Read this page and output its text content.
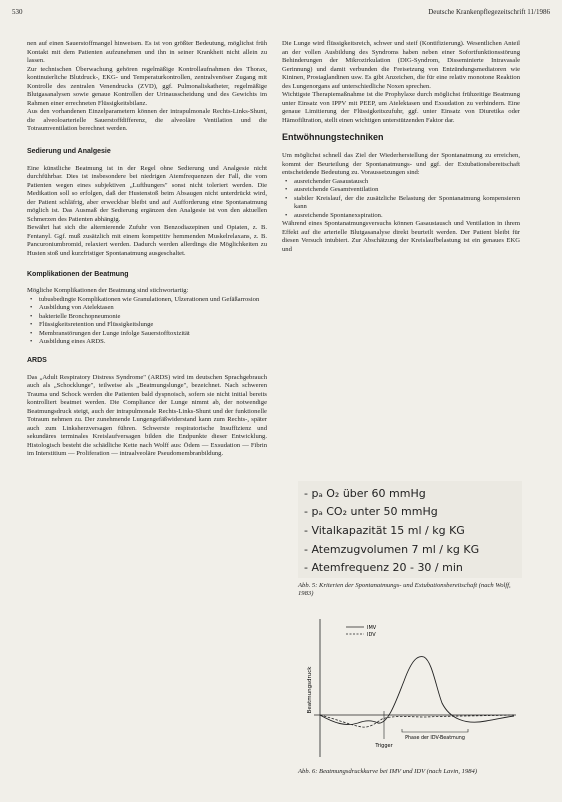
530	Deutsche Krankenpflegezeitschrift 11/1986

nen auf einen Sauerstoffmangel hinweisen. Es ist von größter Bedeutung, möglichst früh Kontakt mit dem Patienten aufzunehmen und ihn in seiner Krankheit nicht allein zu lassen.

Zur technischen Überwachung gehören regelmäßige Kontrollaufnahmen des Thorax, kontinuierliche Blutdruck-, EKG- und Temperaturkontrollen, zentralvenöser Zugang mit Kontrolle des zentralen Venendrucks (ZVD), ggf. Pulmonaliskatheter, regelmäßige Blutgasanalysen sowie genaue Kontrollen der Urinausscheidung und des Gewichts im Rahmen einer errechneten Flüssigkeitsbilanz.

Aus den vorhandenen Einzelparametern können der intrapulmonale Rechts-Links-Shunt, die alveoloarterielle Sauerstoffdifferenz, die alveoläre Ventilation und die Totraumventilation berechnet werden.

Sedierung und Analgesie

Eine künstliche Beatmung ist in der Regel ohne Sedierung und Analgesie nicht durchführbar. Dies ist insbesondere bei niedrigen Atemfrequenzen der Fall, die vom Patienten wegen eines subjektiven „Lufthungers" sonst nicht toleriert werden. Die Medikation soll so erfolgen, daß der Hustenstoß beim Absaugen nicht unterdrückt wird, der Patient schläfrig, aber erweckbar bleibt und auf Aufforderung eine Spontanatmung möglich ist. Das Ausmaß der Sedierung ergänzen den Analgesie ist von den aktuellen Schmerzen des Patienten abhängig.

Bewährt hat sich die alternierende Zufuhr von Benzodiazepinen und Opiaten, z. B. Fentanyl. Ggf. muß zusätzlich mit einem kompetitiv hemmenden Muskelrelaxans, z. B. Pancuroniumbromid, relaxiert werden. Dadurch werden allerdings die Möglichkeiten zu Husten stoß und kurzfristiger Spontanatmung ausgeschaltet.

Komplikationen der Beatmung

Mögliche Komplikationen der Beatmung sind stichwortartig:

• tubusbedingte Komplikationen wie Granulationen, Ulzerationen und Gefäßarrosion
• Ausbildung von Atelektasen
• bakterielle Bronchopneumonie
• Flüssigkeitsretention und Flüssigkeitslunge
• Membranstörungen der Lunge infolge Sauerstofftoxizität
• Ausbildung eines ARDS.
ARDS

Das „Adult Respiratory Distress Syndrome" (ARDS) wird im deutschen Sprachgebrauch auch als „Schocklunge", teilweise als „Beatmungslunge", bezeichnet. Nach schweren Trauma und Schock werden die Patienten bald dyspnoisch, sofern sie nicht initial bereits kontrolliert beatmet werden. Die Compliance der Lunge nimmt ab, der notwendige Beatmungsdruck steigt, auch der intrapulmonale Rechts-Links-Shunt und der funktionelle Totraum nehmen zu. Der zunehmende Lungengefäßwiderstand kann zum Rechts-, später auch zum Linksherzversagen führen. Schwerste respiratorische Insuffizienz und sekundäres terminales Kreislaufversagen bilden die Endpunkte dieser Entwicklung. Histologisch besteht die schädliche Kette nach Wolff aus: Ödem — Exsudation — Fibrin im Interstitium — Proliferation — intraalveoläre Pseudomembranbildung.

Die Lunge wird flüssigkeitsreich, schwer und steif (Kontifizierung). Wesentlichen Anteil an der vollen Ausbildung des Syndroms haben neben einer Sofortfunktionsstörung Behinderungen der Mikrozirkulation (DIG-Syndrom, Disseminierte Intravasale Gerinnung) und damit verbunden die Freisetzung von Entzündungsmediatoren wie Kininen, Prostaglandinen usw. Es gibt Anzeichen, die für eine relativ monotone Reaktion des Lungenorgans auf unterschiedliche Noxen sprechen.

Wichtigste Therapiemaßnahme ist die Prophylaxe durch möglichst frühzeitige Beatmung unter Einsatz von IPPV mit PEEP, um Atelektasen und Exsudation zu verhindern. Eine genaue Limitierung der Flüssigkeitszufuhr, ggf. unter Einsatz von Diuretika oder Hämofiltration, stellt einen wichtigen unterstützenden Faktor dar.

Entwöhnungstechniken

Um möglichst schnell das Ziel der Wiederherstellung der Spontanatmung zu erreichen, kommt der Beurteilung der Spontanatmungs- und ggf. der Extubationsbereitschaft entscheidende Bedeutung zu. Voraussetzungen sind:

• ausreichender Gasaustausch
• ausreichende Gesamtventilation
• stabiler Kreislauf, der die zusätzliche Belastung der Spontanatmung kompensieren kann
• ausreichende Spontanexspiration.

Während eines Spontanatmungsversuchs können Gasaustausch und Ventilation in ihrem Effekt auf die arterielle Blutgasanalyse direkt beurteilt werden. Der Patient bleibt für diesen Versuch intubiert. Zur Abschätzung der Kreislaufbelastung ist ein genaues EKG und

- pₐ O₂ über 60 mmHg
- pₐ CO₂ unter 50 mmHg
- Vitalkapazität 15 ml / kg KG
- Atemzugvolumen 7 ml / kg KG
- Atemfrequenz 20 - 30 / min
Abb. 5: Kriterien der Spontanatmungs- und Extubationsbereitschaft (nach Wolff, 1983)
Beatmungsdruck
IMV
IDV
Trigger
Phase der IDV-Beatmung
Abb. 6: Beatmungsdruckkurve bei IMV und IDV (nach Lavin, 1984)
